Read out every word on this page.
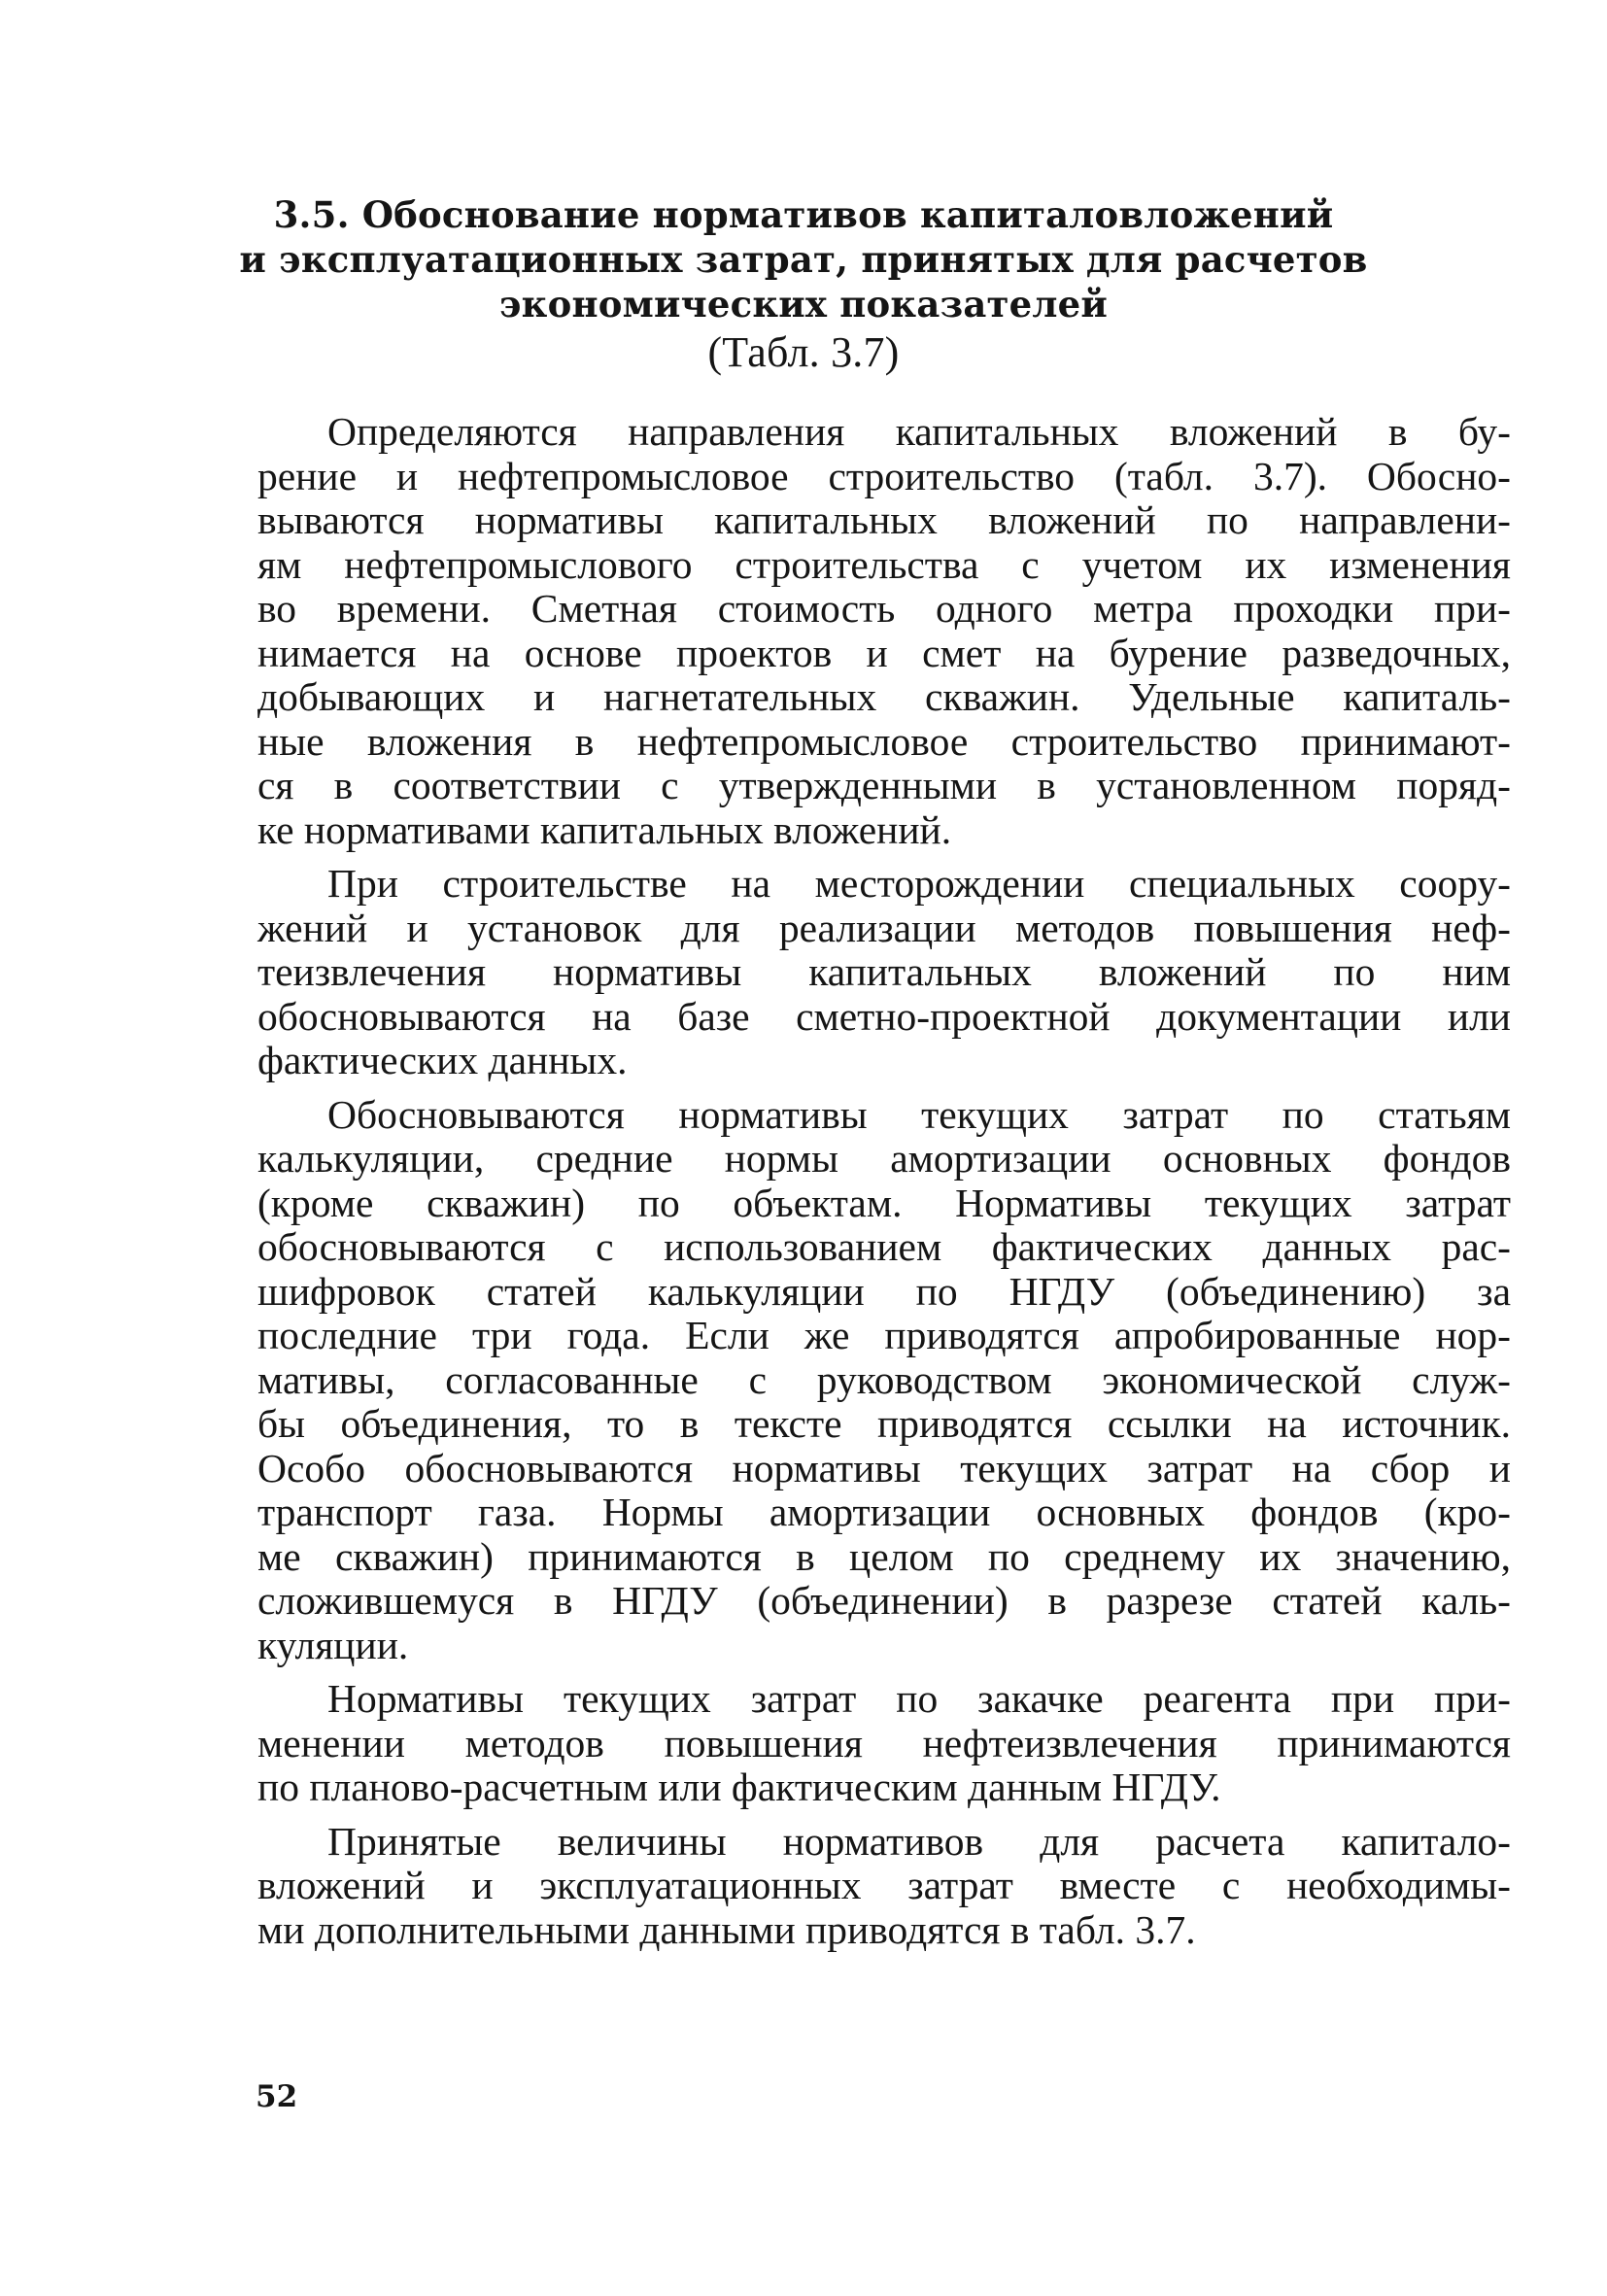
3.5. Обоснование нормативов капиталовложений
и эксплуатационных затрат, принятых для расчетов
экономических показателей
(Табл. 3.7)
Определяются направления капитальных вложений в бу-
рение и нефтепромысловое строительство (табл. 3.7). Обосно-
вываются нормативы капитальных вложений по направлени-
ям нефтепромыслового строительства с учетом их изменения
во времени. Сметная стоимость одного метра проходки при-
нимается на основе проектов и смет на бурение разведочных,
добывающих и нагнетательных скважин. Удельные капиталь-
ные вложения в нефтепромысловое строительство принимают-
ся в соответствии с утвержденными в установленном поряд-
ке нормативами капитальных вложений.
При строительстве на месторождении специальных соору-
жений и установок для реализации методов повышения неф-
теизвлечения нормативы капитальных вложений по ним
обосновываются на базе сметно-проектной документации или
фактических данных.
Обосновываются нормативы текущих затрат по статьям
калькуляции, средние нормы амортизации основных фондов
(кроме скважин) по объектам. Нормативы текущих затрат
обосновываются с использованием фактических данных рас-
шифровок статей калькуляции по НГДУ (объединению) за
последние три года. Если же приводятся апробированные нор-
мативы, согласованные с руководством экономической служ-
бы объединения, то в тексте приводятся ссылки на источник.
Особо обосновываются нормативы текущих затрат на сбор и
транспорт газа. Нормы амортизации основных фондов (кро-
ме скважин) принимаются в целом по среднему их значению,
сложившемуся в НГДУ (объединении) в разрезе статей каль-
куляции.
Нормативы текущих затрат по закачке реагента при при-
менении методов повышения нефтеизвлечения принимаются
по планово-расчетным или фактическим данным НГДУ.
Принятые величины нормативов для расчета капитало-
вложений и эксплуатационных затрат вместе с необходимы-
ми дополнительными данными приводятся в табл. 3.7.
52
